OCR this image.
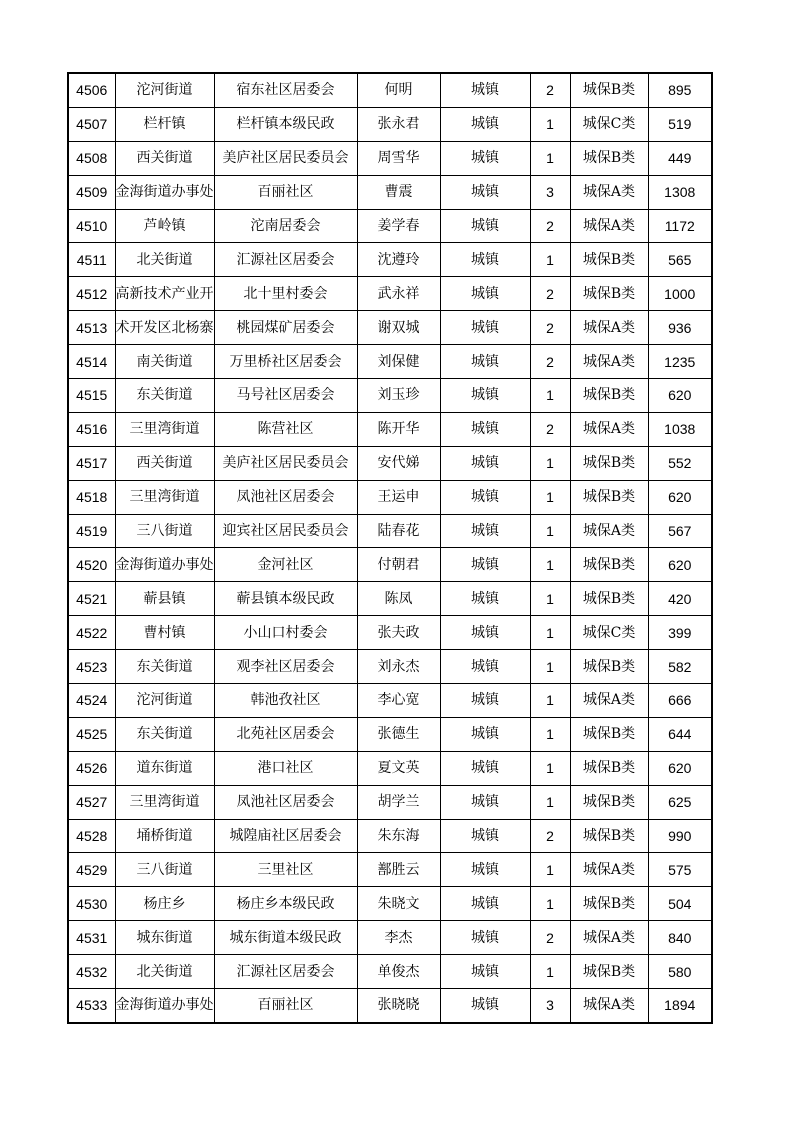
4506	沱河街道	宿东社区居委会	何明	城镇	2	城保B类	895
4507	栏杆镇	栏杆镇本级民政	张永君	城镇	1	城保C类	519
4508	西关街道	美庐社区居民委员会	周雪华	城镇	1	城保B类	449
4509	金海街道办事处	百丽社区	曹震	城镇	3	城保A类	1308
4510	芦岭镇	沱南居委会	姜学春	城镇	2	城保A类	1172
4511	北关街道	汇源社区居委会	沈遵玲	城镇	1	城保B类	565
4512	高新技术产业开	北十里村委会	武永祥	城镇	2	城保B类	1000
4513	术开发区北杨寨	桃园煤矿居委会	谢双城	城镇	2	城保A类	936
4514	南关街道	万里桥社区居委会	刘保健	城镇	2	城保A类	1235
4515	东关街道	马号社区居委会	刘玉珍	城镇	1	城保B类	620
4516	三里湾街道	陈营社区	陈开华	城镇	2	城保A类	1038
4517	西关街道	美庐社区居民委员会	安代娣	城镇	1	城保B类	552
4518	三里湾街道	凤池社区居委会	王运申	城镇	1	城保B类	620
4519	三八街道	迎宾社区居民委员会	陆春花	城镇	1	城保A类	567
4520	金海街道办事处	金河社区	付朝君	城镇	1	城保B类	620
4521	蕲县镇	蕲县镇本级民政	陈凤	城镇	1	城保B类	420
4522	曹村镇	小山口村委会	张夫政	城镇	1	城保C类	399
4523	东关街道	观李社区居委会	刘永杰	城镇	1	城保B类	582
4524	沱河街道	韩池孜社区	李心宽	城镇	1	城保A类	666
4525	东关街道	北苑社区居委会	张德生	城镇	1	城保B类	644
4526	道东街道	港口社区	夏文英	城镇	1	城保B类	620
4527	三里湾街道	凤池社区居委会	胡学兰	城镇	1	城保B类	625
4528	埇桥街道	城隍庙社区居委会	朱东海	城镇	2	城保B类	990
4529	三八街道	三里社区	鄯胜云	城镇	1	城保A类	575
4530	杨庄乡	杨庄乡本级民政	朱晓文	城镇	1	城保B类	504
4531	城东街道	城东街道本级民政	李杰	城镇	2	城保A类	840
4532	北关街道	汇源社区居委会	单俊杰	城镇	1	城保B类	580
4533	金海街道办事处	百丽社区	张晓晓	城镇	3	城保A类	1894
